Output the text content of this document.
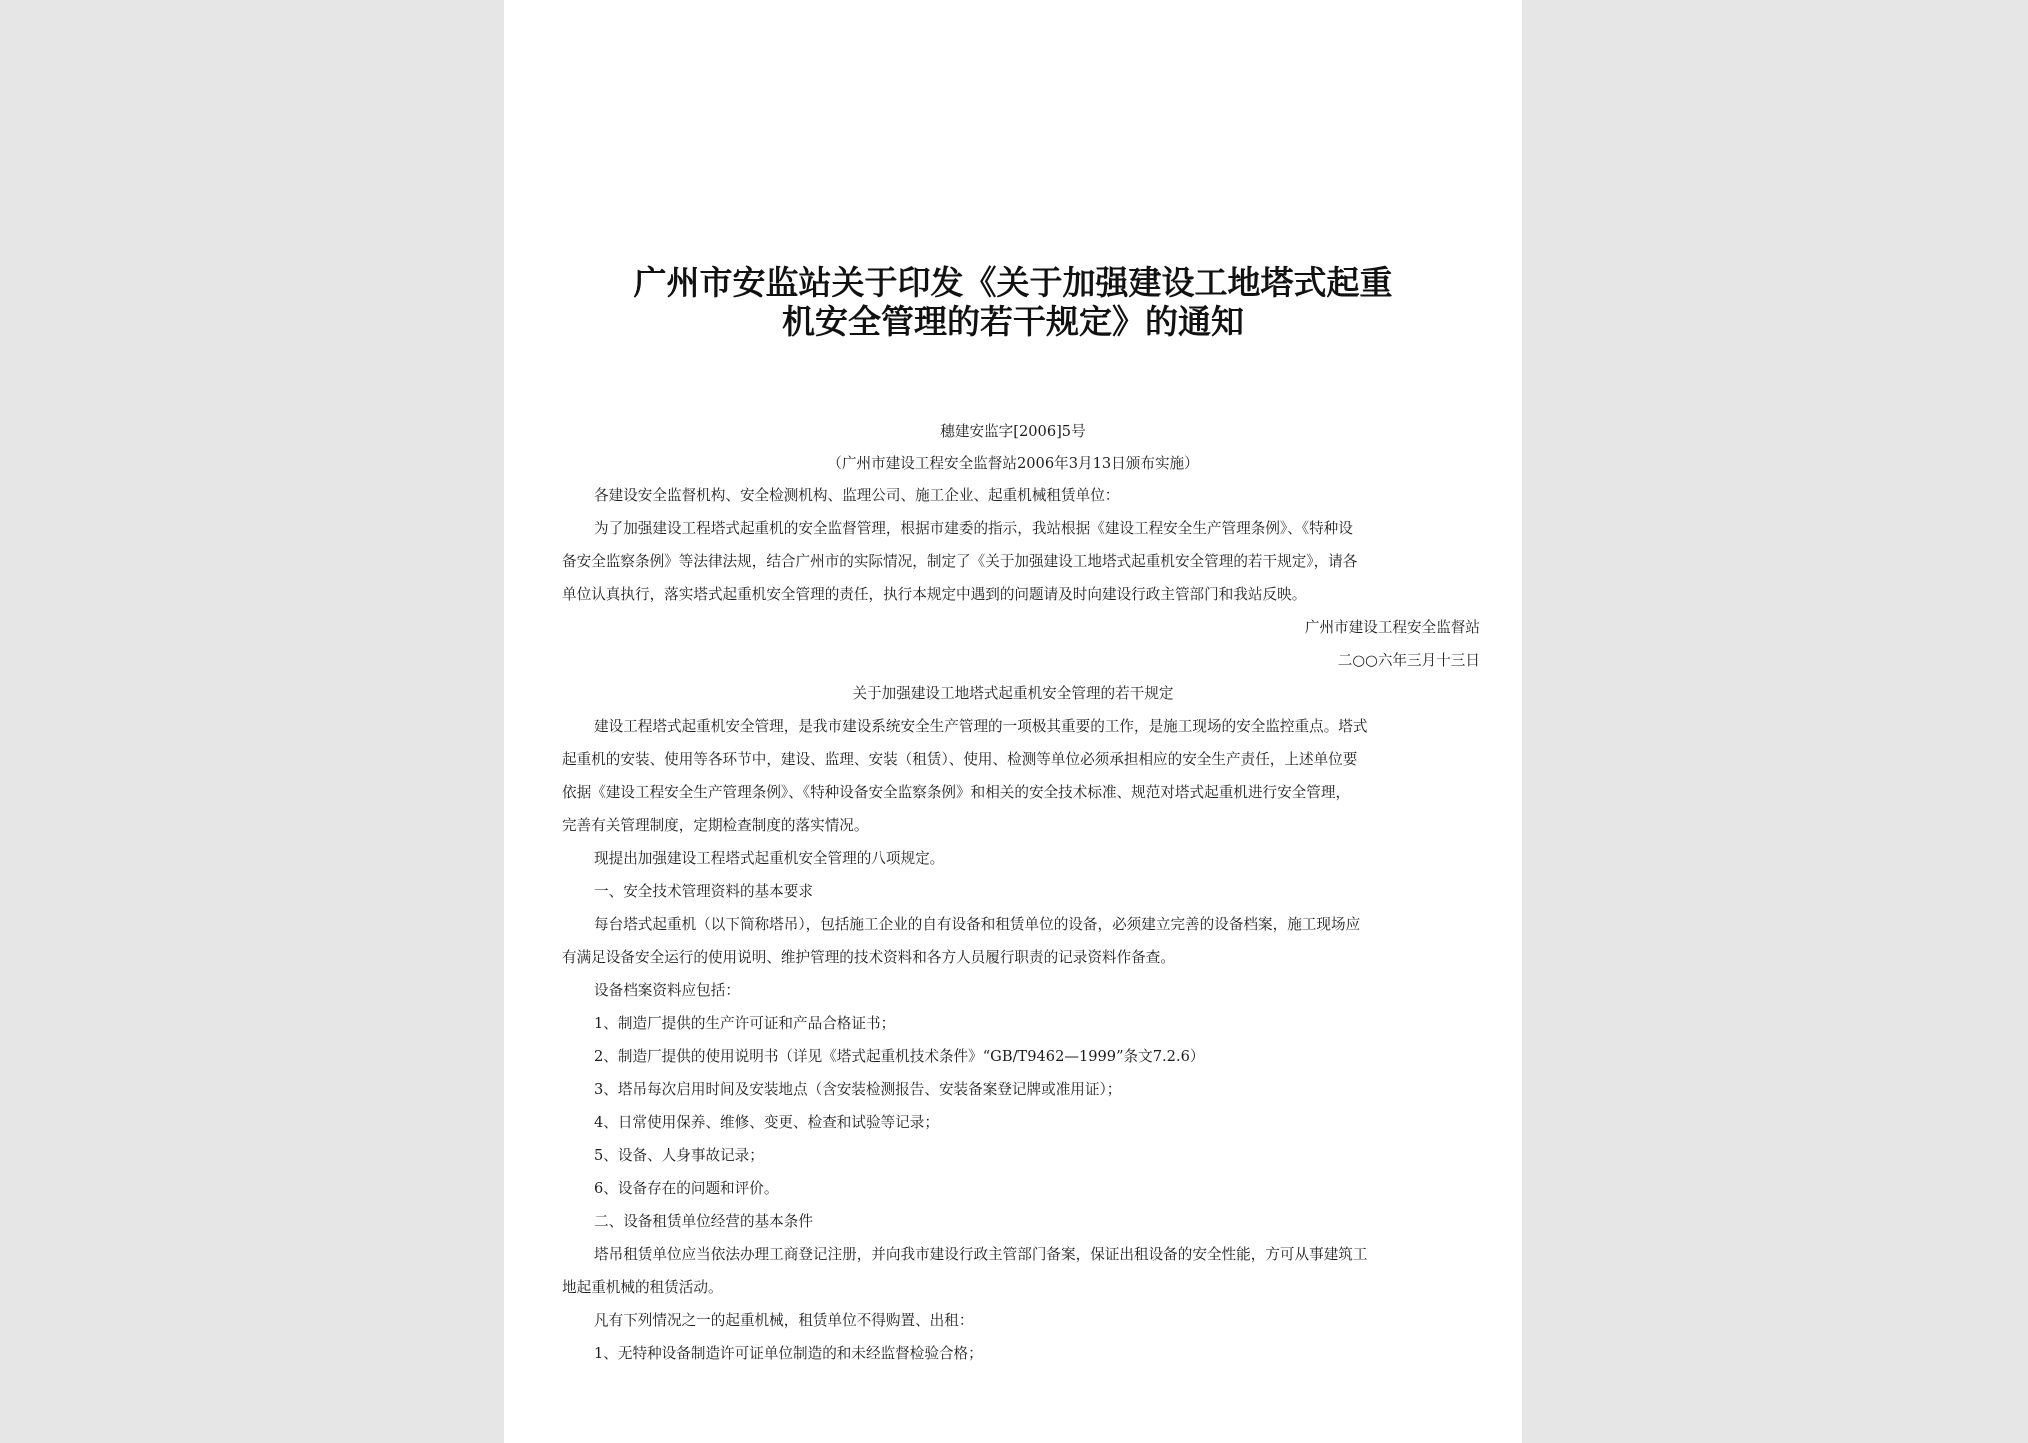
广州市安监站关于印发《关于加强建设工地塔式起重
机安全管理的若干规定》的通知
穗建安监字[2006]5号
（广州市建设工程安全监督站2006年3月13日颁布实施）
各建设安全监督机构、安全检测机构、监理公司、施工企业、起重机械租赁单位：
为了加强建设工程塔式起重机的安全监督管理，根据市建委的指示，我站根据《建设工程安全生产管理条例》、《特种设
备安全监察条例》等法律法规，结合广州市的实际情况，制定了《关于加强建设工地塔式起重机安全管理的若干规定》，请各
单位认真执行，落实塔式起重机安全管理的责任，执行本规定中遇到的问题请及时向建设行政主管部门和我站反映。
广州市建设工程安全监督站
二○○六年三月十三日
关于加强建设工地塔式起重机安全管理的若干规定
建设工程塔式起重机安全管理，是我市建设系统安全生产管理的一项极其重要的工作，是施工现场的安全监控重点。塔式
起重机的安装、使用等各环节中，建设、监理、安装（租赁）、使用、检测等单位必须承担相应的安全生产责任，上述单位要
依据《建设工程安全生产管理条例》、《特种设备安全监察条例》和相关的安全技术标准、规范对塔式起重机进行安全管理，
完善有关管理制度，定期检查制度的落实情况。
现提出加强建设工程塔式起重机安全管理的八项规定。
一、安全技术管理资料的基本要求
每台塔式起重机（以下简称塔吊），包括施工企业的自有设备和租赁单位的设备，必须建立完善的设备档案，施工现场应
有满足设备安全运行的使用说明、维护管理的技术资料和各方人员履行职责的记录资料作备查。
设备档案资料应包括：
1、制造厂提供的生产许可证和产品合格证书；
2、制造厂提供的使用说明书（详见《塔式起重机技术条件》“GB/T9462—1999”条文7.2.6）
3、塔吊每次启用时间及安装地点（含安装检测报告、安装备案登记牌或准用证）；
4、日常使用保养、维修、变更、检查和试验等记录；
5、设备、人身事故记录；
6、设备存在的问题和评价。
二、设备租赁单位经营的基本条件
塔吊租赁单位应当依法办理工商登记注册，并向我市建设行政主管部门备案，保证出租设备的安全性能，方可从事建筑工
地起重机械的租赁活动。
凡有下列情况之一的起重机械，租赁单位不得购置、出租：
1、无特种设备制造许可证单位制造的和未经监督检验合格；
